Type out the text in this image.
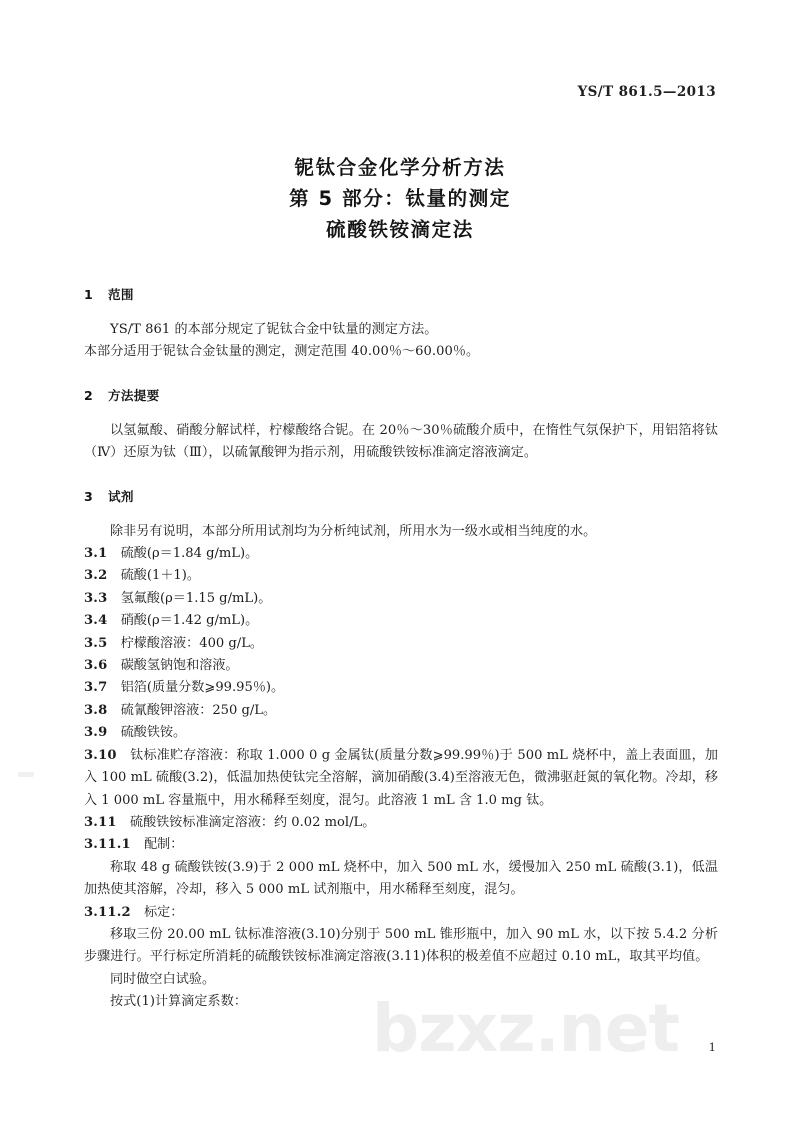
YS/T 861.5—2013
铌钛合金化学分析方法
第 5 部分：钛量的测定
硫酸铁铵滴定法
1 范围

YS/T 861 的本部分规定了铌钛合金中钛量的测定方法。

本部分适用于铌钛合金钛量的测定，测定范围 40.00％～60.00％。

2 方法提要

以氢氟酸、硝酸分解试样，柠檬酸络合铌。在 20％～30％硫酸介质中，在惰性气氛保护下，用铝箔将钛（Ⅳ）还原为钛（Ⅲ），以硫氰酸钾为指示剂，用硫酸铁铵标准滴定溶液滴定。

3 试剂

除非另有说明，本部分所用试剂均为分析纯试剂，所用水为一级水或相当纯度的水。

3.1 硫酸(ρ＝1.84 g/mL)。

3.2 硫酸(1＋1)。

3.3 氢氟酸(ρ＝1.15 g/mL)。

3.4 硝酸(ρ＝1.42 g/mL)。

3.5 柠檬酸溶液：400 g/L。

3.6 碳酸氢钠饱和溶液。

3.7 铝箔(质量分数⩾99.95％)。

3.8 硫氰酸钾溶液：250 g/L。

3.9 硫酸铁铵。

3.10 钛标准贮存溶液：称取 1.000 0 g 金属钛(质量分数⩾99.99％)于 500 mL 烧杯中，盖上表面皿，加入 100 mL 硫酸(3.2)，低温加热使钛完全溶解，滴加硝酸(3.4)至溶液无色，微沸驱赶氮的氧化物。冷却，移入 1 000 mL 容量瓶中，用水稀释至刻度，混匀。此溶液 1 mL 含 1.0 mg 钛。

3.11 硫酸铁铵标准滴定溶液：约 0.02 mol/L。

3.11.1 配制：

称取 48 g 硫酸铁铵(3.9)于 2 000 mL 烧杯中，加入 500 mL 水，缓慢加入 250 mL 硫酸(3.1)，低温加热使其溶解，冷却，移入 5 000 mL 试剂瓶中，用水稀释至刻度，混匀。

3.11.2 标定：

移取三份 20.00 mL 钛标准溶液(3.10)分别于 500 mL 锥形瓶中，加入 90 mL 水，以下按 5.4.2 分析步骤进行。平行标定所消耗的硫酸铁铵标准滴定溶液(3.11)体积的极差值不应超过 0.10 mL，取其平均值。

同时做空白试验。

按式(1)计算滴定系数：	bzxz.net	1
